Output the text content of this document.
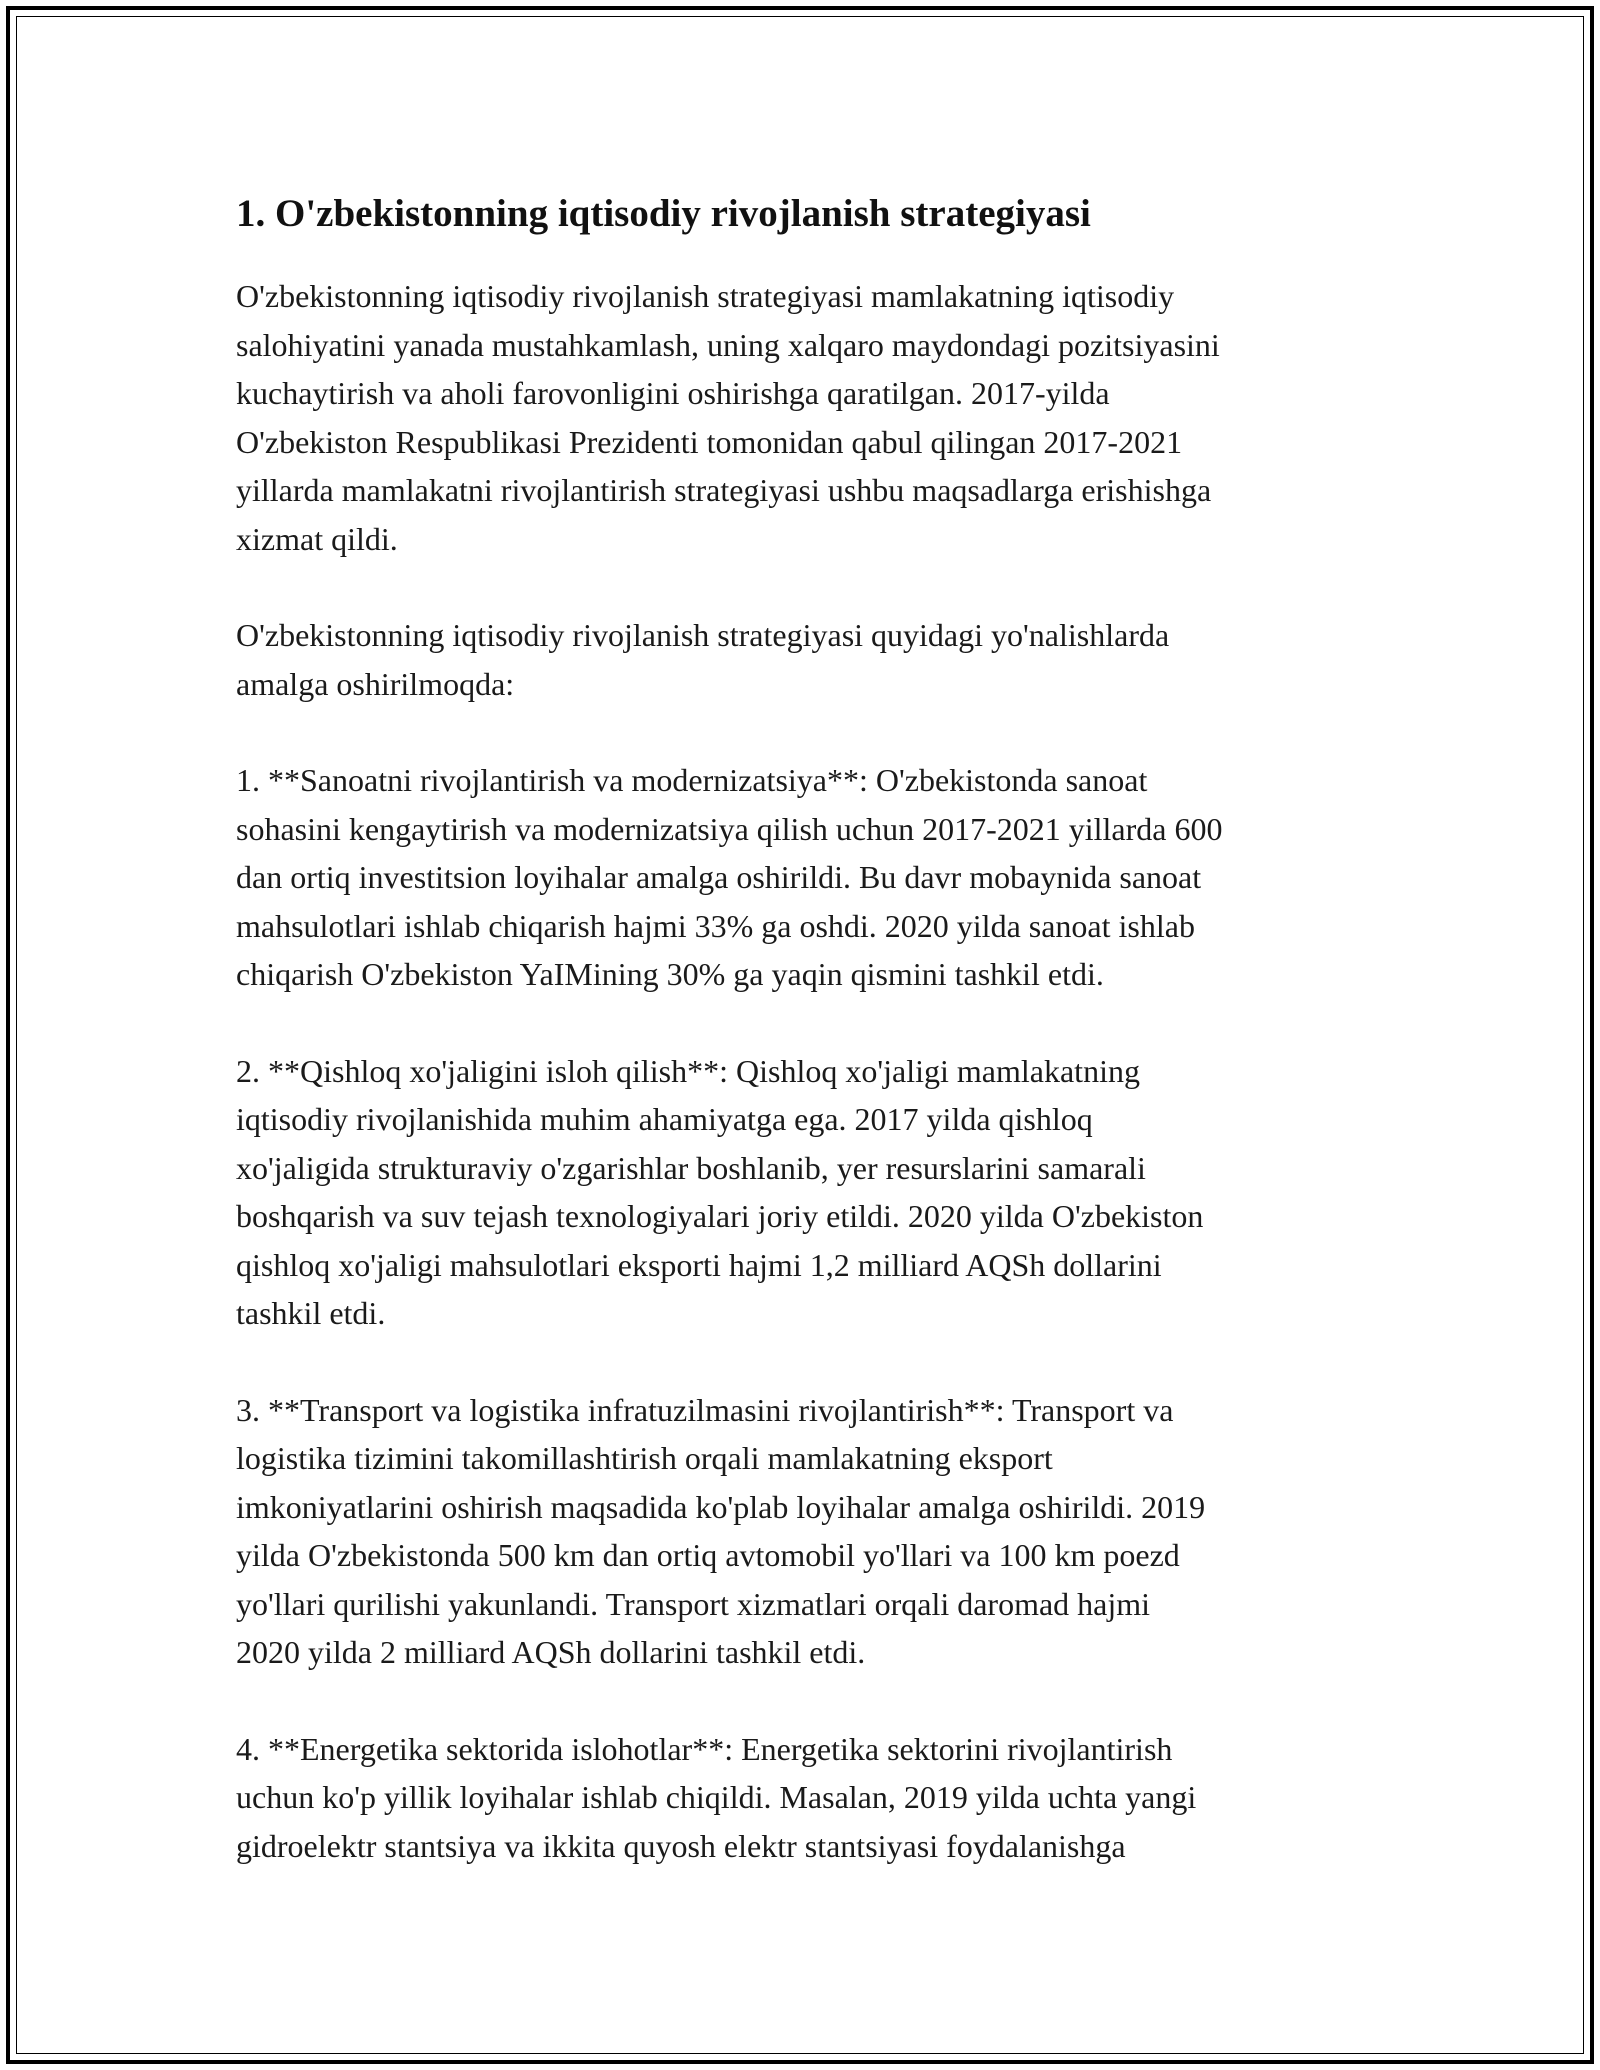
1. O'zbekistonning iqtisodiy rivojlanish strategiyasi

O'zbekistonning iqtisodiy rivojlanish strategiyasi mamlakatning iqtisodiy
salohiyatini yanada mustahkamlash, uning xalqaro maydondagi pozitsiyasini
kuchaytirish va aholi farovonligini oshirishga qaratilgan. 2017-yilda
O'zbekiston Respublikasi Prezidenti tomonidan qabul qilingan 2017-2021
yillarda mamlakatni rivojlantirish strategiyasi ushbu maqsadlarga erishishga
xizmat qildi.

O'zbekistonning iqtisodiy rivojlanish strategiyasi quyidagi yo'nalishlarda
amalga oshirilmoqda:

1. **Sanoatni rivojlantirish va modernizatsiya**: O'zbekistonda sanoat
sohasini kengaytirish va modernizatsiya qilish uchun 2017-2021 yillarda 600
dan ortiq investitsion loyihalar amalga oshirildi. Bu davr mobaynida sanoat
mahsulotlari ishlab chiqarish hajmi 33% ga oshdi. 2020 yilda sanoat ishlab
chiqarish O'zbekiston YaIMining 30% ga yaqin qismini tashkil etdi.

2. **Qishloq xo'jaligini isloh qilish**: Qishloq xo'jaligi mamlakatning
iqtisodiy rivojlanishida muhim ahamiyatga ega. 2017 yilda qishloq
xo'jaligida strukturaviy o'zgarishlar boshlanib, yer resurslarini samarali
boshqarish va suv tejash texnologiyalari joriy etildi. 2020 yilda O'zbekiston
qishloq xo'jaligi mahsulotlari eksporti hajmi 1,2 milliard AQSh dollarini
tashkil etdi.

3. **Transport va logistika infratuzilmasini rivojlantirish**: Transport va
logistika tizimini takomillashtirish orqali mamlakatning eksport
imkoniyatlarini oshirish maqsadida ko'plab loyihalar amalga oshirildi. 2019
yilda O'zbekistonda 500 km dan ortiq avtomobil yo'llari va 100 km poezd
yo'llari qurilishi yakunlandi. Transport xizmatlari orqali daromad hajmi
2020 yilda 2 milliard AQSh dollarini tashkil etdi.

4. **Energetika sektorida islohotlar**: Energetika sektorini rivojlantirish
uchun ko'p yillik loyihalar ishlab chiqildi. Masalan, 2019 yilda uchta yangi
gidroelektr stantsiya va ikkita quyosh elektr stantsiyasi foydalanishga
